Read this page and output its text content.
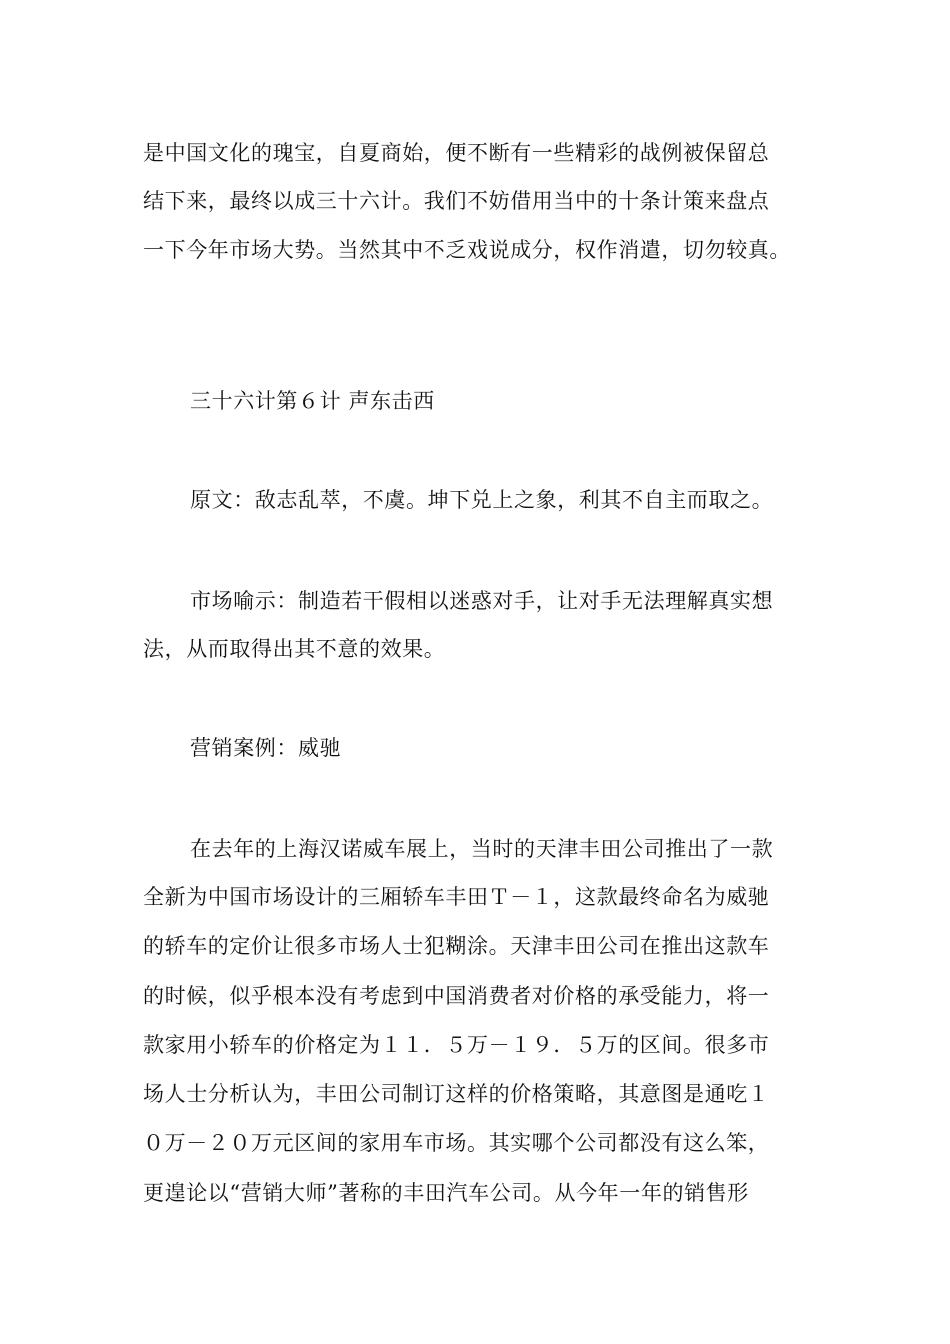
是中国文化的瑰宝，自夏商始，便不断有一些精彩的战例被保留总
结下来，最终以成三十六计。我们不妨借用当中的十条计策来盘点
一下今年市场大势。当然其中不乏戏说成分，权作消遣，切勿较真。
三十六计第６计 声东击西
原文：敌志乱萃，不虞。坤下兑上之象，利其不自主而取之。
市场喻示：制造若干假相以迷惑对手，让对手无法理解真实想
法，从而取得出其不意的效果。
营销案例：威驰
在去年的上海汉诺威车展上，当时的天津丰田公司推出了一款
全新为中国市场设计的三厢轿车丰田Ｔ－１，这款最终命名为威驰
的轿车的定价让很多市场人士犯糊涂。天津丰田公司在推出这款车
的时候，似乎根本没有考虑到中国消费者对价格的承受能力，将一
款家用小轿车的价格定为１１．５万－１９．５万的区间。很多市
场人士分析认为，丰田公司制订这样的价格策略，其意图是通吃１
０万－２０万元区间的家用车市场。其实哪个公司都没有这么笨，
更遑论以“营销大师”著称的丰田汽车公司。从今年一年的销售形
